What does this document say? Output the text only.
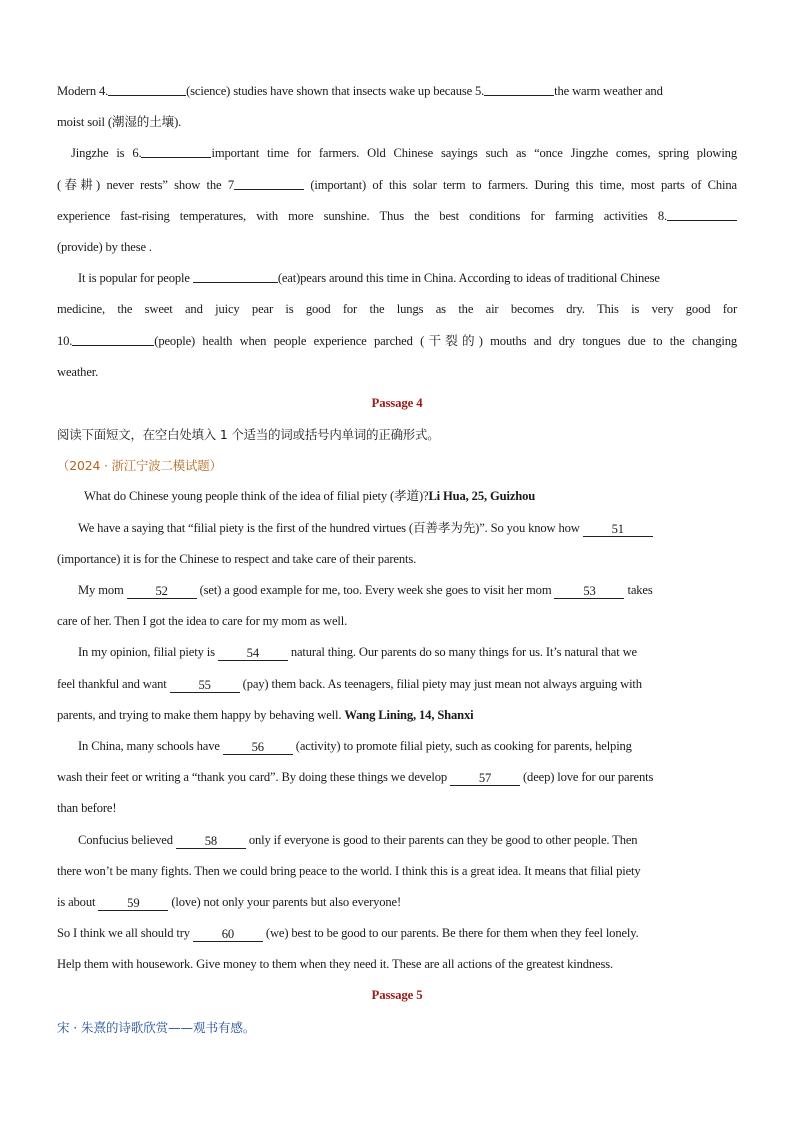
Modern 4.	(science) studies have shown that insects wake up because 5.	the warm weather and
moist soil (潮湿的土壤).
Jingzhe is 6.	important time for farmers. Old Chinese sayings such as “once Jingzhe comes, spring plowing
(春耕) never rests” show the 7	(important) of this solar term to farmers. During this time, most parts of China
experience fast-rising temperatures, with more sunshine. Thus the best conditions for farming activities 8.
(provide) by these .
It is popular for people	(eat)pears around this time in China. According to ideas of traditional Chinese
medicine, the sweet and juicy pear is good for the lungs as the air becomes dry. This is very good for
10.	(people) health when people experience parched (干裂的) mouths and dry tongues due to the changing
weather.
Passage 4
阅读下面短文，在空白处填入 1 个适当的词或括号内单词的正确形式。
（2024 · 浙江宁波二模试题）
What do Chinese young people think of the idea of filial piety (孝道)?Li Hua, 25, Guizhou
We have a saying that “filial piety is the first of the hundred virtues (百善孝为先)”. So you know how 51
(importance) it is for the Chinese to respect and take care of their parents.
My mom 52 (set) a good example for me, too. Every week she goes to visit her mom 53 takes
care of her. Then I got the idea to care for my mom as well.
In my opinion, filial piety is 54 natural thing. Our parents do so many things for us. It’s natural that we
feel thankful and want 55 (pay) them back. As teenagers, filial piety may just mean not always arguing with
parents, and trying to make them happy by behaving well. Wang Lining, 14, Shanxi
In China, many schools have 56 (activity) to promote filial piety, such as cooking for parents, helping
wash their feet or writing a “thank you card”. By doing these things we develop 57 (deep) love for our parents
than before!
Confucius believed 58 only if everyone is good to their parents can they be good to other people. Then
there won’t be many fights. Then we could bring peace to the world. I think this is a great idea. It means that filial piety
is about 59 (love) not only your parents but also everyone!
So I think we all should try 60 (we) best to be good to our parents. Be there for them when they feel lonely.
Help them with housework. Give money to them when they need it. These are all actions of the greatest kindness.
Passage 5
宋 · 朱熹的诗歌欣赏——观书有感。
